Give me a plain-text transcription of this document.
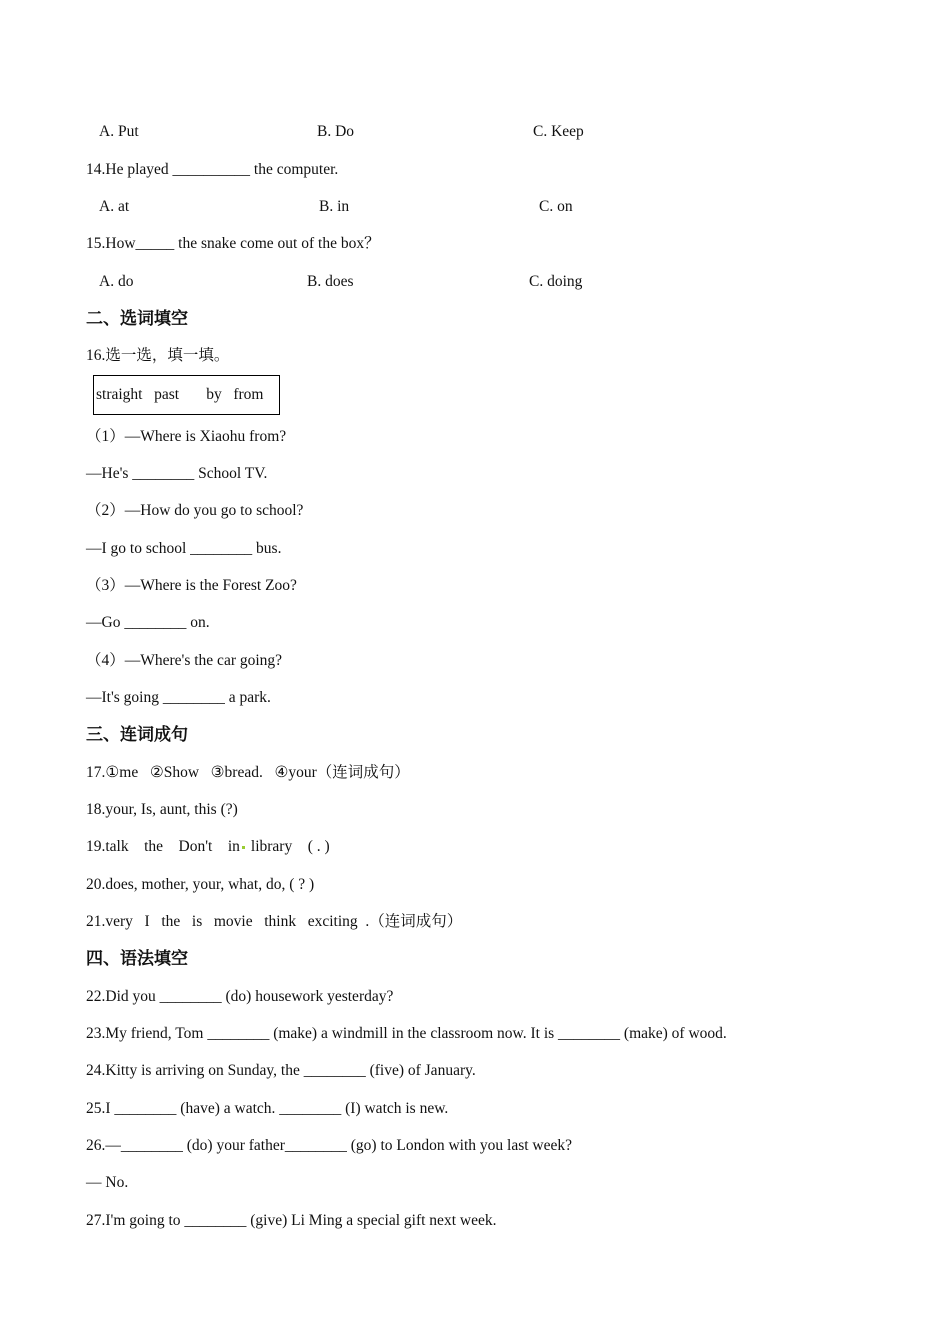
A. Put	B. Do	C. Keep
14.He played __________ the computer.
A. at	B. in	C. on
15.How_____ the snake come out of the box？
A. do	B. does	C. doing
二、选词填空
16.选一选，填一填。
straight   past       by   from
（1）—Where is Xiaohu from?
—He's ________ School TV.
（2）—How do you go to school?
—I go to school ________ bus.
（3）—Where is the Forest Zoo?
—Go ________ on.
（4）—Where's the car going?
—It's going ________ a park.
三、连词成句
17.①me   ②Show   ③bread.   ④your（连词成句）
18.your, Is, aunt, this (?)
19.talk    the    Don't    in library    ( . )
20.does, mother, your, what, do, ( ? )
21.very   I   the   is   movie   think   exciting  .（连词成句）
四、语法填空
22.Did you ________ (do) housework yesterday?
23.My friend, Tom ________ (make) a windmill in the classroom now. It is ________ (make) of wood.
24.Kitty is arriving on Sunday, the ________ (five) of January.
25.I ________ (have) a watch. ________ (I) watch is new.
26.—________ (do) your father________ (go) to London with you last week?
— No.
27.I'm going to ________ (give) Li Ming a special gift next week.
